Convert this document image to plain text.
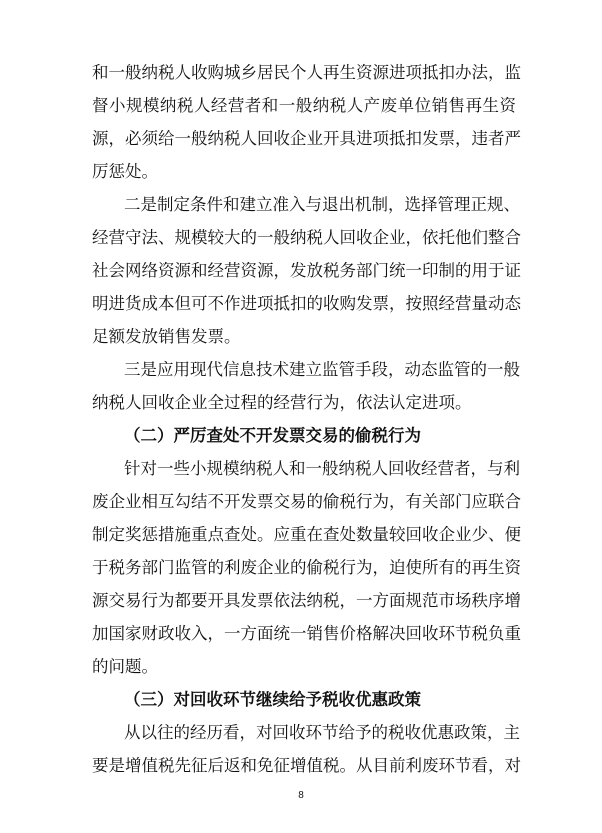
和一般纳税人收购城乡居民个人再生资源进项抵扣办法，监
督小规模纳税人经营者和一般纳税人产废单位销售再生资
源，必须给一般纳税人回收企业开具进项抵扣发票，违者严
厉惩处。
二是制定条件和建立准入与退出机制，选择管理正规、
经营守法、规模较大的一般纳税人回收企业，依托他们整合
社会网络资源和经营资源，发放税务部门统一印制的用于证
明进货成本但可不作进项抵扣的收购发票，按照经营量动态
足额发放销售发票。
三是应用现代信息技术建立监管手段，动态监管的一般
纳税人回收企业全过程的经营行为，依法认定进项。
（二）严厉查处不开发票交易的偷税行为
针对一些小规模纳税人和一般纳税人回收经营者，与利
废企业相互勾结不开发票交易的偷税行为，有关部门应联合
制定奖惩措施重点查处。应重在查处数量较回收企业少、便
于税务部门监管的利废企业的偷税行为，迫使所有的再生资
源交易行为都要开具发票依法纳税，一方面规范市场秩序增
加国家财政收入，一方面统一销售价格解决回收环节税负重
的问题。
（三）对回收环节继续给予税收优惠政策
从以往的经历看，对回收环节给予的税收优惠政策，主
要是增值税先征后返和免征增值税。从目前利废环节看，对
8
